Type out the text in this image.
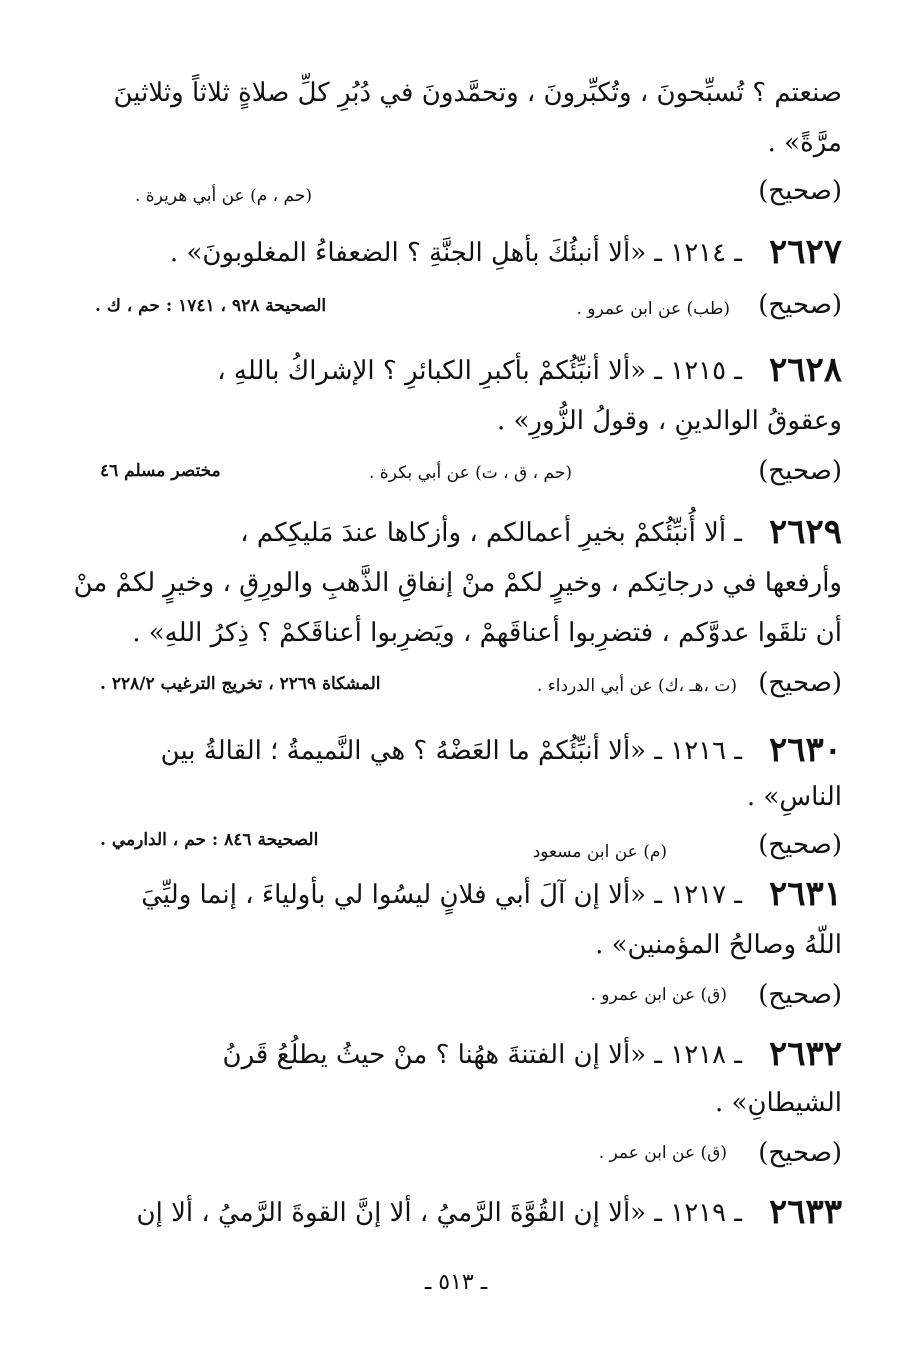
صنعتم ؟ تُسبِّحونَ ، وتُكبِّرونَ ، وتحمَّدونَ في دُبُرِ كلِّ صلاةٍ ثلاثاً وثلاثينَ
مرَّةً» .
(صحيح)
(حم ، م) عن أبي هريرة .
٢٦٢٧
ـ ١٢١٤ ـ «ألا أنبئُكَ بأهلِ الجنَّةِ ؟ الضعفاءُ المغلوبونَ» .
(صحيح)
(طب) عن ابن عمرو .
الصحيحة ٩٢٨ ، ١٧٤١ : حم ، ك .
٢٦٢٨
ـ ١٢١٥ ـ «ألا أنبِّئُكمْ بأكبرِ الكبائرِ ؟ الإشراكُ باللهِ ،
وعقوقُ الوالدينِ ، وقولُ الزُّورِ» .
(صحيح)
(حم ، ق ، ت) عن أبي بكرة .
مختصر مسلم ٤٦
٢٦٢٩
ـ ألا أُنبِّئُكمْ بخيرِ أعمالكم ، وأزكاها عندَ مَليكِكم ،
وأرفعها في درجاتِكم ، وخيرٍ لكمْ منْ إنفاقِ الذَّهبِ والورِقِ ، وخيرٍ لكمْ منْ
أن تلقَوا عدوَّكم ، فتضرِبوا أعناقَهمْ ، ويَضرِبوا أعناقَكمْ ؟ ذِكرُ اللهِ» .
(صحيح)
(ت ،هـ ،ك) عن أبي الدرداء .
المشكاة ٢٢٦٩ ، تخريج الترغيب ٢٢٨/٢ .
٢٦٣٠
ـ ١٢١٦ ـ «ألا أنبِّئُكمْ ما العَضْهُ ؟ هي النَّميمةُ ؛ القالةُ بين
الناسِ» .
(صحيح)
(م) عن ابن مسعود
الصحيحة ٨٤٦ : حم ، الدارمي .
٢٦٣١
ـ ١٢١٧ ـ «ألا إن آلَ أبي فلانٍ ليسُوا لي بأولياءَ ، إنما وليِّيَ
اللّهُ وصالحُ المؤمنين» .
(صحيح)
(ق) عن ابن عمرو .
٢٦٣٢
ـ ١٢١٨ ـ «ألا إن الفتنةَ ههُنا ؟ منْ حيثُ يطلُعُ قَرنُ
الشيطانِ» .
(صحيح)
(ق) عن ابن عمر .
٢٦٣٣
ـ ١٢١٩ ـ «ألا إن القُوَّةَ الرَّميُ ، ألا إنَّ القوةَ الرَّميُ ، ألا إن
ـ ٥١٣ ـ
